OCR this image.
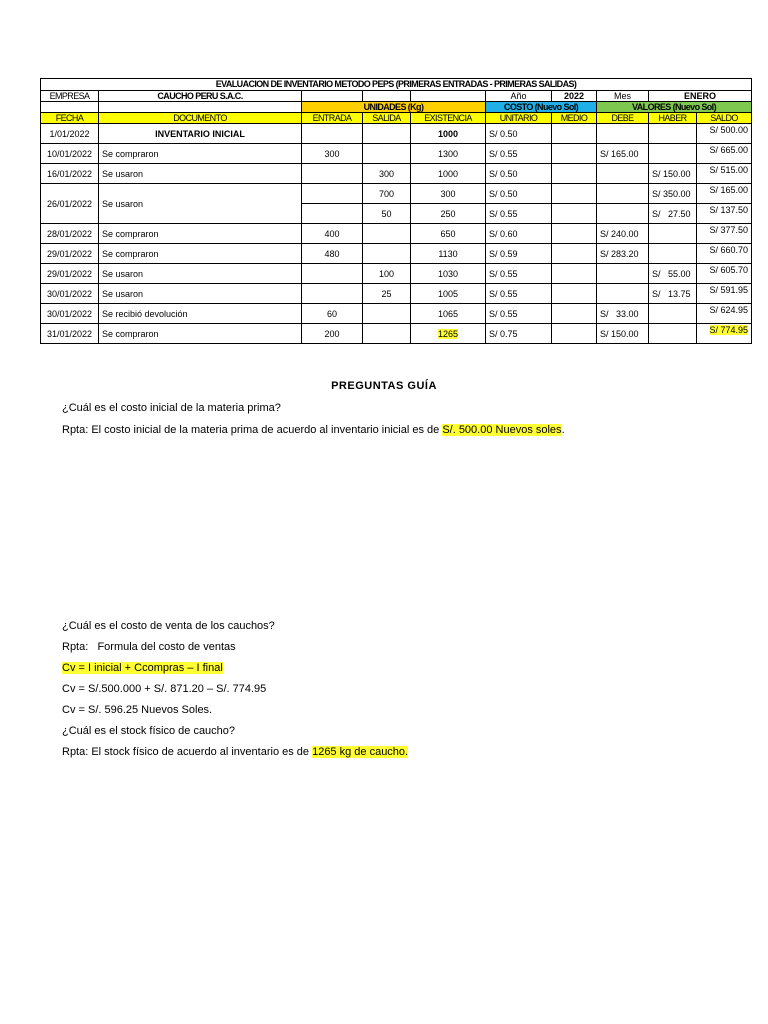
EVALUACION DE INVENTARIO METODO PEPS (PRIMERAS ENTRADAS - PRIMERAS SALIDAS)									
EMPRESA	CAUCHO PERU S.A.C.				Año	2022	Mes	ENERO	
		UNIDADES (Kg)			COSTO (Nuevo Sol)		VALORES (Nuevo Sol)		
FECHA	DOCUMENTO	ENTRADA	SALIDA	EXISTENCIA	UNITARIO	MEDIO	DEBE	HABER	SALDO
1/01/2022	INVENTARIO INICIAL			1000	S/ 0.50				S/ 500.00
10/01/2022	Se compraron	300		1300	S/ 0.55		S/ 165.00		S/ 665.00
16/01/2022	Se usaron		300	1000	S/ 0.50			S/ 150.00	S/ 515.00
26/01/2022	Se usaron		700	300	S/ 0.50			S/ 350.00	S/ 165.00
			50	250	S/ 0.55			S/   27.50	S/ 137.50
28/01/2022	Se compraron	400		650	S/ 0.60		S/ 240.00		S/ 377.50
29/01/2022	Se compraron	480		1130	S/ 0.59		S/ 283.20		S/ 660.70
29/01/2022	Se usaron		100	1030	S/ 0.55			S/   55.00	S/ 605.70
30/01/2022	Se usaron		25	1005	S/ 0.55			S/   13.75	S/ 591.95
30/01/2022	Se recibió devolución	60		1065	S/ 0.55		S/   33.00		S/ 624.95
31/01/2022	Se compraron	200		1265	S/ 0.75		S/ 150.00		S/ 774.95
PREGUNTAS GUÍA
¿Cuál es el costo inicial de la materia prima?
Rpta: El costo inicial de la materia prima de acuerdo al inventario inicial es de S/. 500.00 Nuevos soles.
¿Cuál es el costo de venta de los cauchos?
Rpta:   Formula del costo de ventas
Cv = I inicial + Ccompras – I final
Cv = S/.500.000 + S/. 871.20 – S/. 774.95
Cv = S/. 596.25 Nuevos Soles.
¿Cuál es el stock físico de caucho?
Rpta: El stock físico de acuerdo al inventario es de 1265 kg de caucho.
